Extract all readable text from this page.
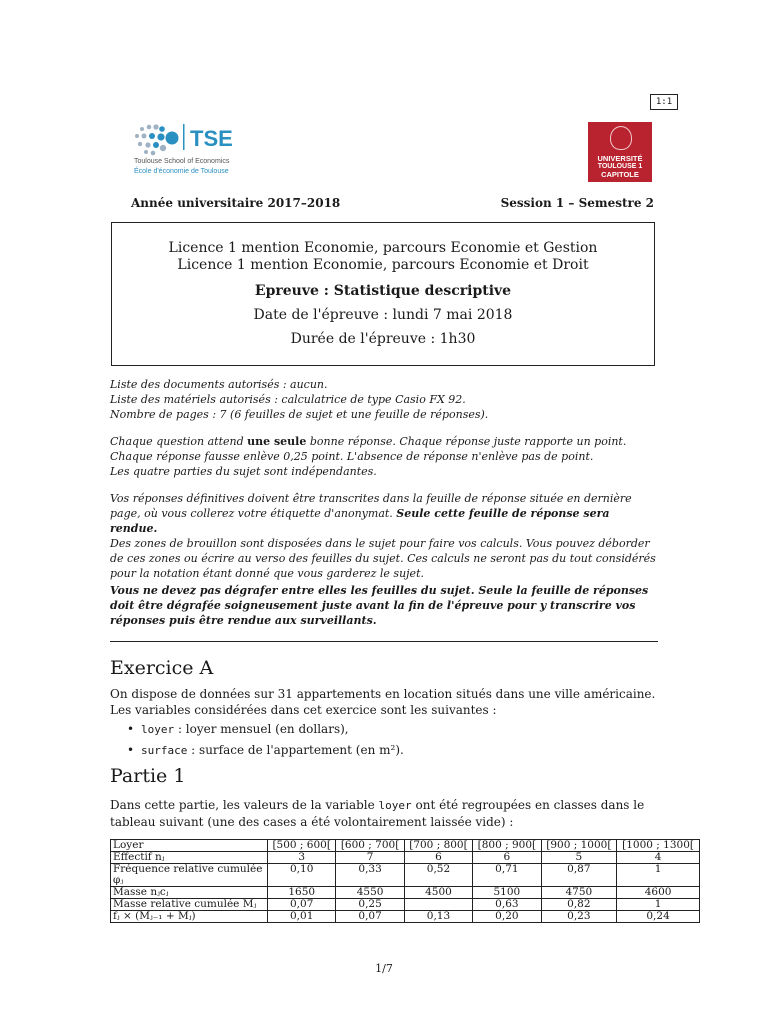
1:1
TSE
Toulouse School of Economics
École d'économie de Toulouse
UNIVERSITÉ
TOULOUSE 1
CAPITOLE
Année universitaire 2017–2018	Session 1 – Semestre 2
Licence 1 mention Economie, parcours Economie et Gestion
Licence 1 mention Economie, parcours Economie et Droit
Epreuve : Statistique descriptive
Date de l'épreuve : lundi 7 mai 2018
Durée de l'épreuve : 1h30

Liste des documents autorisés : aucun.
Liste des matériels autorisés : calculatrice de type Casio FX 92.
Nombre de pages : 7 (6 feuilles de sujet et une feuille de réponses).

Chaque question attend une seule bonne réponse. Chaque réponse juste rapporte un point. Chaque réponse fausse enlève 0,25 point. L'absence de réponse n'enlève pas de point.
Les quatre parties du sujet sont indépendantes.

Vos réponses définitives doivent être transcrites dans la feuille de réponse située en dernière page, où vous collerez votre étiquette d'anonymat. Seule cette feuille de réponse sera rendue.
Des zones de brouillon sont disposées dans le sujet pour faire vos calculs. Vous pouvez déborder de ces zones ou écrire au verso des feuilles du sujet. Ces calculs ne seront pas du tout considérés pour la notation étant donné que vous garderez le sujet.

Vous ne devez pas dégrafer entre elles les feuilles du sujet. Seule la feuille de réponses doit être dégrafée soigneusement juste avant la fin de l'épreuve pour y transcrire vos réponses puis être rendue aux surveillants.
Exercice A
On dispose de données sur 31 appartements en location situés dans une ville américaine. Les variables considérées dans cet exercice sont les suivantes :
• loyer : loyer mensuel (en dollars),
• surface : surface de l'appartement (en m²).
Partie 1
Dans cette partie, les valeurs de la variable loyer ont été regroupées en classes dans le tableau suivant (une des cases a été volontairement laissée vide) :
Loyer	[500 ; 600[	[600 ; 700[	[700 ; 800[	[800 ; 900[	[900 ; 1000[	[1000 ; 1300[
Effectif nⱼ	3	7	6	6	5	4
Fréquence relative cumulée φⱼ	0,10	0,33	0,52	0,71	0,87	1
Masse nⱼcⱼ	1650	4550	4500	5100	4750	4600
Masse relative cumulée Mⱼ	0,07	0,25		0,63	0,82	1
fⱼ × (Mⱼ₋₁ + Mⱼ)	0,01	0,07	0,13	0,20	0,23	0,24
1/7
